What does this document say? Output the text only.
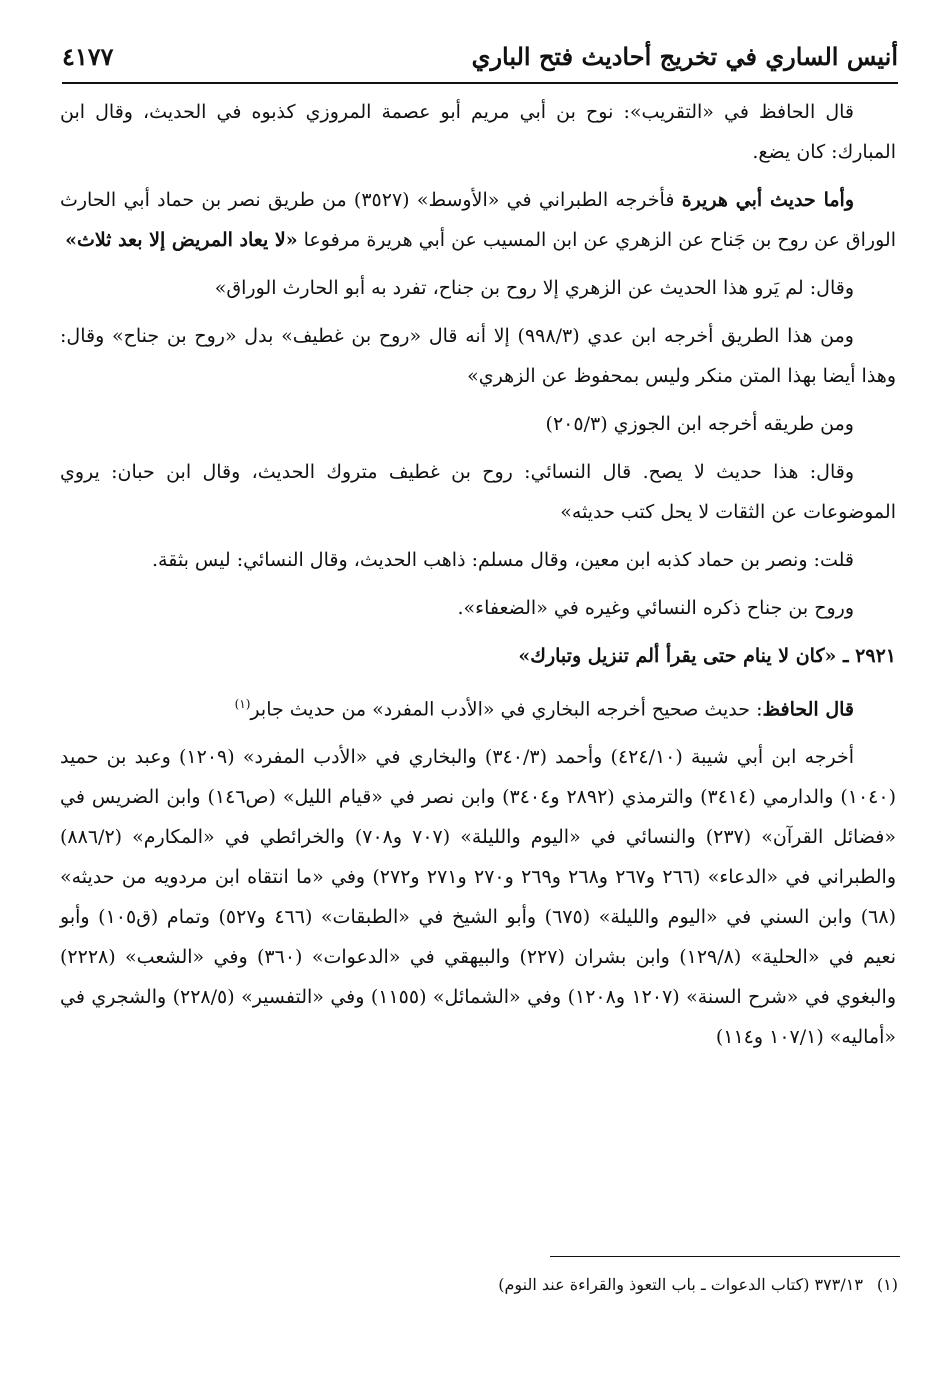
أنيس الساري في تخريج أحاديث فتح الباري
٤١٧٧

قال الحافظ في «التقريب»: نوح بن أبي مريم أبو عصمة المروزي كذبوه في الحديث، وقال ابن المبارك: كان يضع.

وأما حديث أبي هريرة فأخرجه الطبراني في «الأوسط» (٣٥٢٧) من طريق نصر بن حماد أبي الحارث الوراق عن روح بن جَناح عن الزهري عن ابن المسيب عن أبي هريرة مرفوعا «لا يعاد المريض إلا بعد ثلاث»

وقال: لم يَرو هذا الحديث عن الزهري إلا روح بن جناح، تفرد به أبو الحارث الوراق»

ومن هذا الطريق أخرجه ابن عدي (٩٩٨/٣) إلا أنه قال «روح بن غطيف» بدل «روح بن جناح» وقال: وهذا أيضا بهذا المتن منكر وليس بمحفوظ عن الزهري»

ومن طريقه أخرجه ابن الجوزي (٢٠٥/٣)

وقال: هذا حديث لا يصح. قال النسائي: روح بن غطيف متروك الحديث، وقال ابن حبان: يروي الموضوعات عن الثقات لا يحل كتب حديثه»

قلت: ونصر بن حماد كذبه ابن معين، وقال مسلم: ذاهب الحديث، وقال النسائي: ليس بثقة.

وروح بن جناح ذكره النسائي وغيره في «الضعفاء».

٢٩٢١ ـ «كان لا ينام حتى يقرأ ألم تنزيل وتبارك»

قال الحافظ: حديث صحيح أخرجه البخاري في «الأدب المفرد» من حديث جابر$^{(١)}$

أخرجه ابن أبي شيبة (٤٢٤/١٠) وأحمد (٣٤٠/٣) والبخاري في «الأدب المفرد» (١٢٠٩) وعبد بن حميد (١٠٤٠) والدارمي (٣٤١٤) والترمذي (٢٨٩٢ و٣٤٠٤) وابن نصر في «قيام الليل» (ص١٤٦) وابن الضريس في «فضائل القرآن» (٢٣٧) والنسائي في «اليوم والليلة» (٧٠٧ و٧٠٨) والخرائطي في «المكارم» (٨٨٦/٢) والطبراني في «الدعاء» (٢٦٦ و٢٦٧ و٢٦٨ و٢٦٩ و٢٧٠ و٢٧١ و٢٧٢) وفي «ما انتقاه ابن مردويه من حديثه» (٦٨) وابن السني في «اليوم والليلة» (٦٧٥) وأبو الشيخ في «الطبقات» (٤٦٦ و٥٢٧) وتمام (ق١٠٥) وأبو نعيم في «الحلية» (١٢٩/٨) وابن بشران (٢٢٧) والبيهقي في «الدعوات» (٣٦٠) وفي «الشعب» (٢٢٢٨) والبغوي في «شرح السنة» (١٢٠٧ و١٢٠٨) وفي «الشمائل» (١١٥٥) وفي «التفسير» (٢٢٨/٥) والشجري في «أماليه» (١٠٧/١ و١١٤)

(١)٣٧٣/١٣ (كتاب الدعوات ـ باب التعوذ والقراءة عند النوم)
